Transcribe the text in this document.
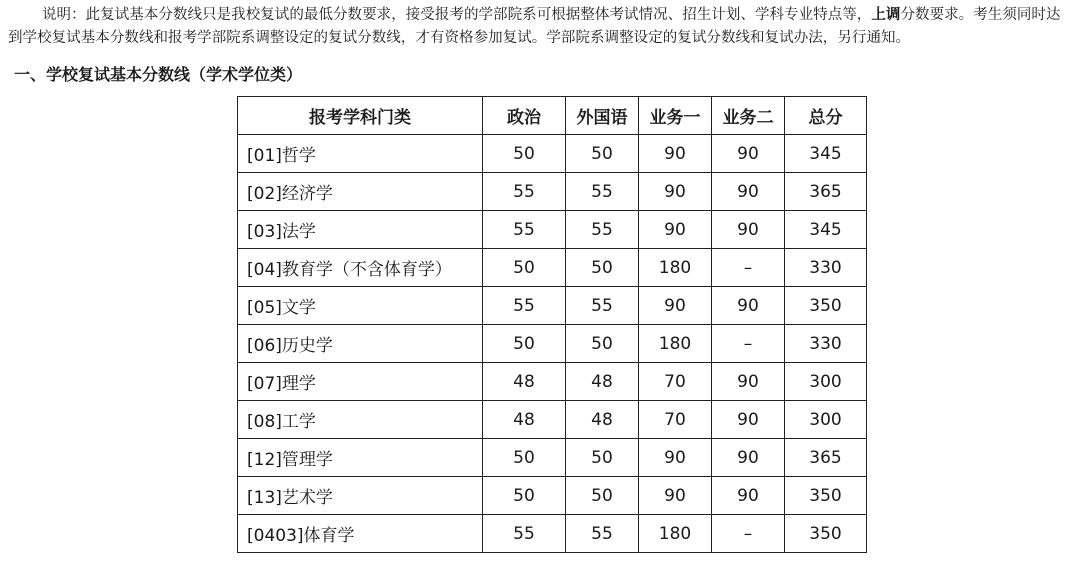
说明：此复试基本分数线只是我校复试的最低分数要求，接受报考的学部院系可根据整体考试情况、招生计划、学科专业特点等，上调分数要求。考生须同时达到学校复试基本分数线和报考学部院系调整设定的复试分数线，才有资格参加复试。学部院系调整设定的复试分数线和复试办法，另行通知。
一、学校复试基本分数线（学术学位类）
报考学科门类	政治	外国语	业务一	业务二	总分
[01]哲学	50	50	90	90	345
[02]经济学	55	55	90	90	365
[03]法学	55	55	90	90	345
[04]教育学（不含体育学）	50	50	180	–	330
[05]文学	55	55	90	90	350
[06]历史学	50	50	180	–	330
[07]理学	48	48	70	90	300
[08]工学	48	48	70	90	300
[12]管理学	50	50	90	90	365
[13]艺术学	50	50	90	90	350
[0403]体育学	55	55	180	–	350
